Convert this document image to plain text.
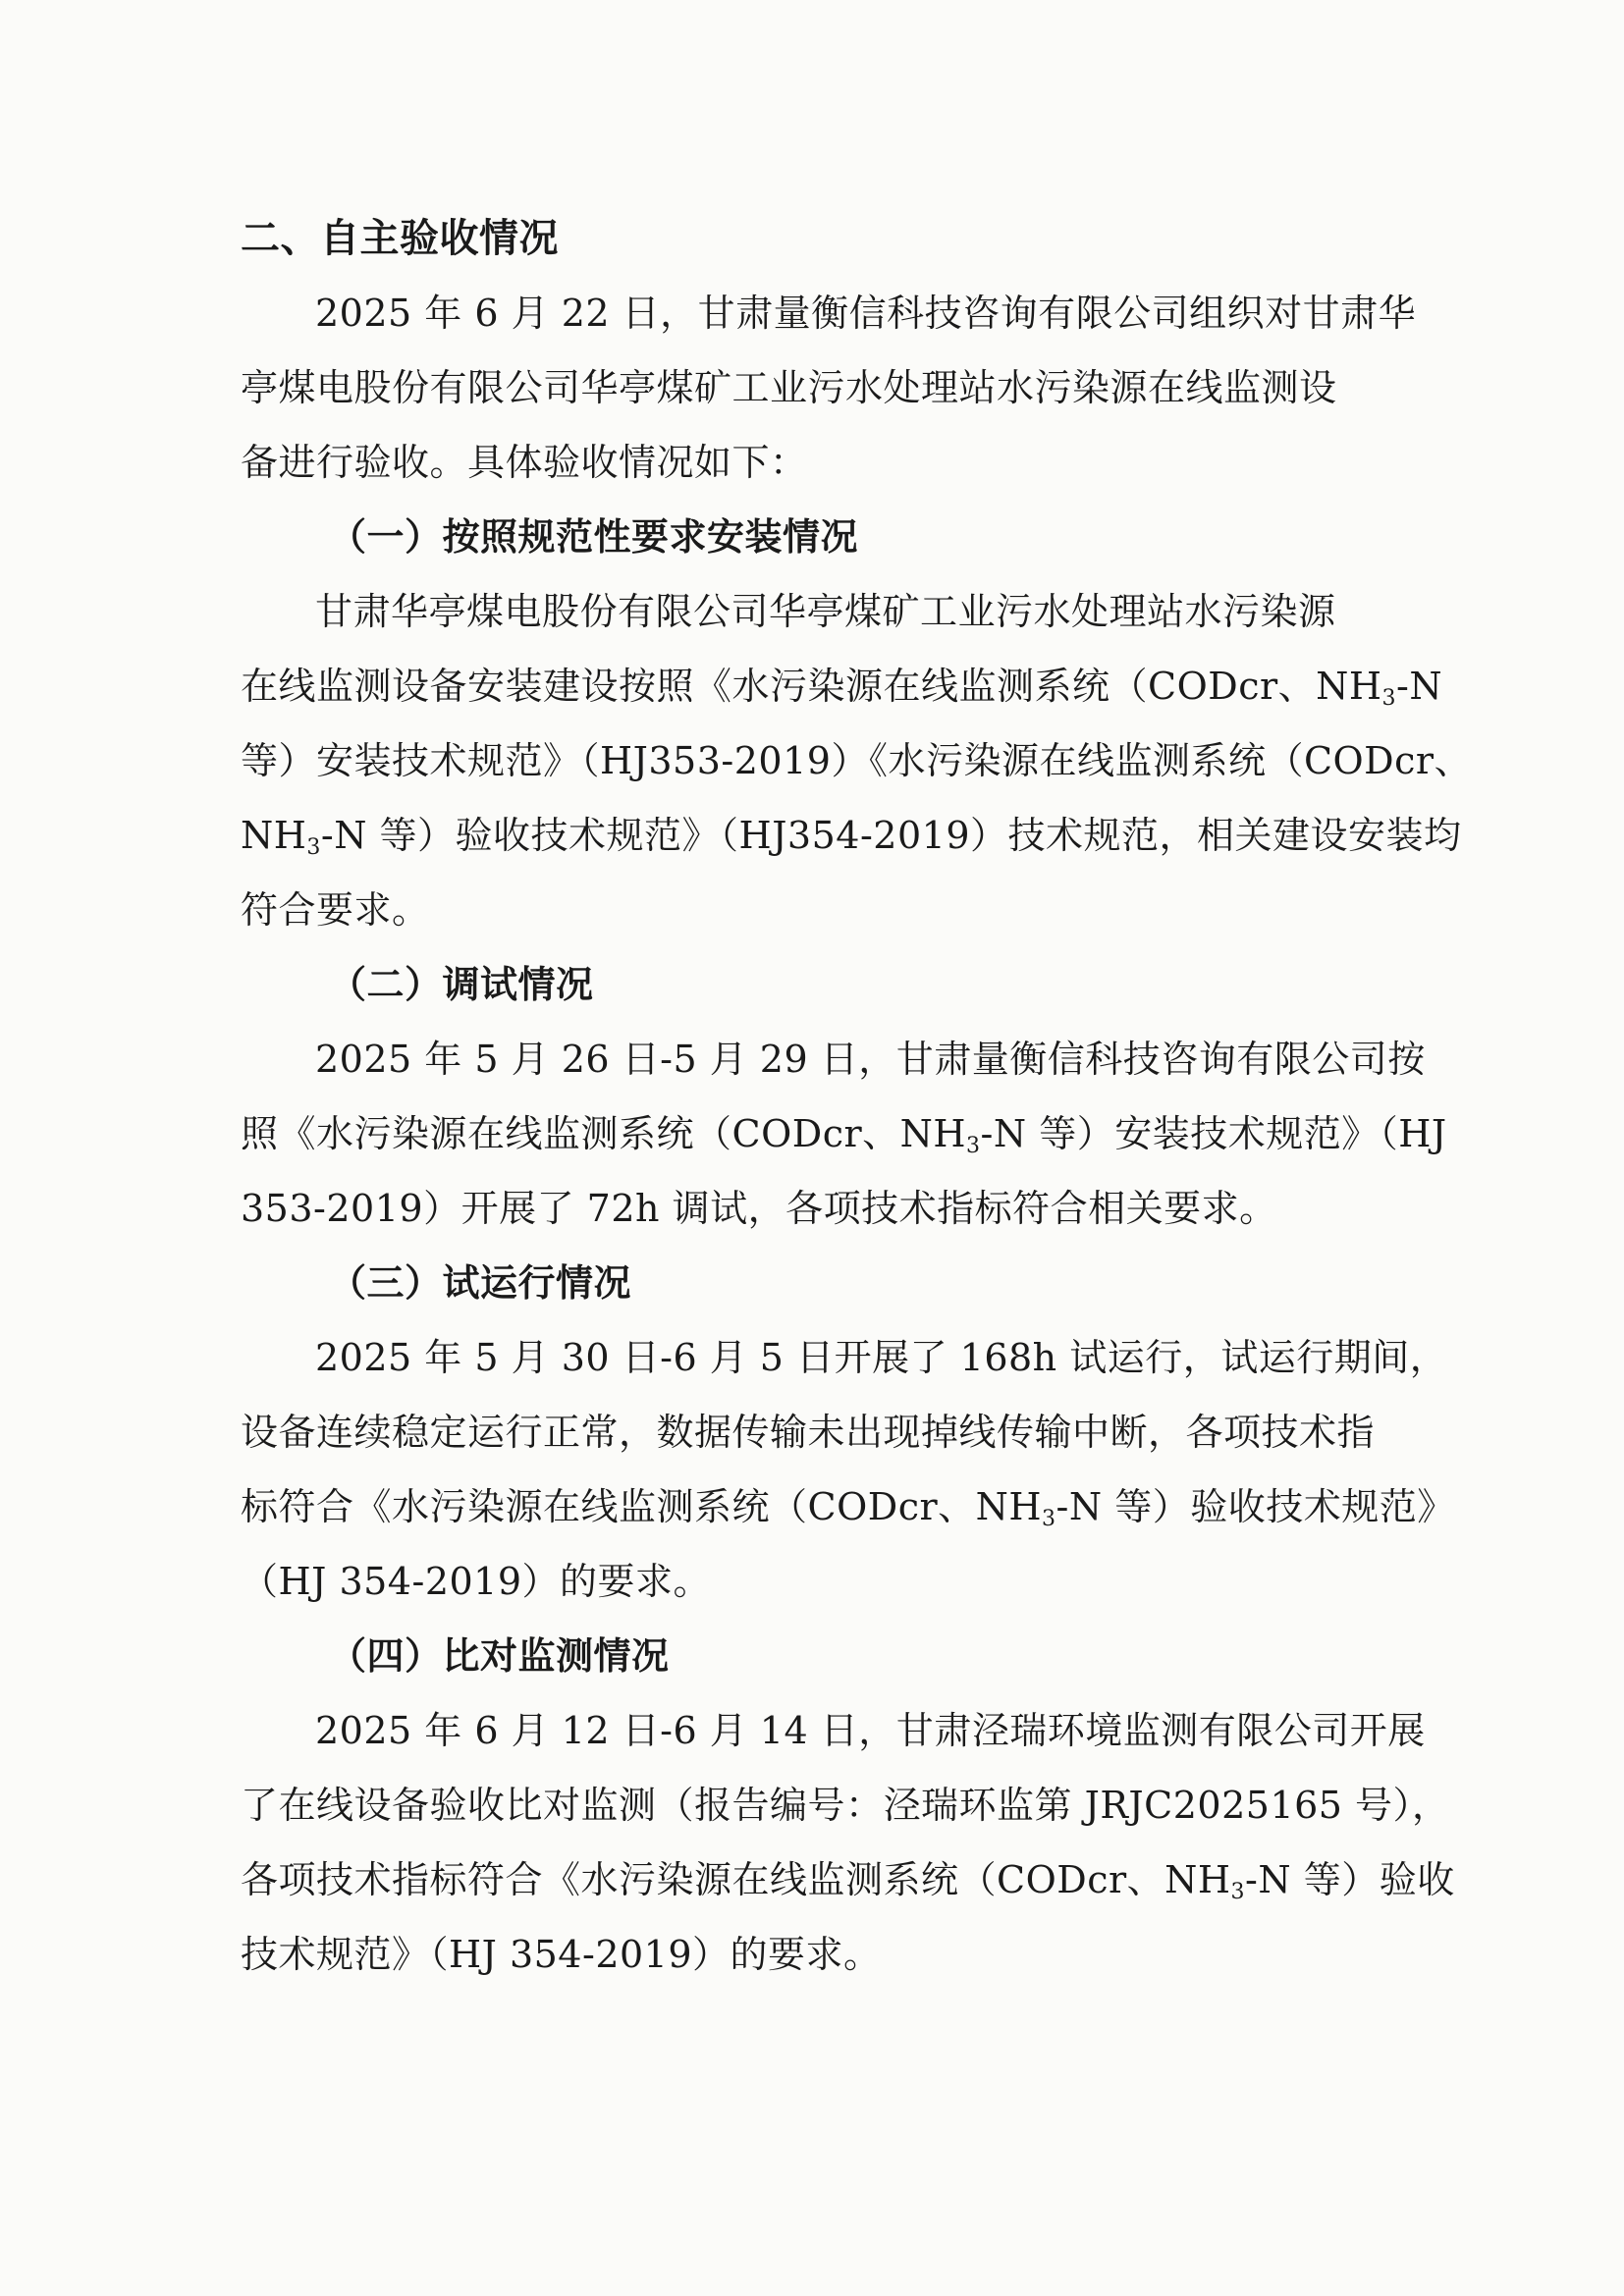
二、自主验收情况
2025 年 6 月 22 日，甘肃量衡信科技咨询有限公司组织对甘肃华
亭煤电股份有限公司华亭煤矿工业污水处理站水污染源在线监测设
备进行验收。具体验收情况如下：
（一）按照规范性要求安装情况
甘肃华亭煤电股份有限公司华亭煤矿工业污水处理站水污染源
在线监测设备安装建设按照《水污染源在线监测系统（CODcr、$NH_3-N$
等）安装技术规范》（HJ353-2019）《水污染源在线监测系统（CODcr、
$NH_3-N$ 等）验收技术规范》（HJ354-2019）技术规范，相关建设安装均
符合要求。
（二）调试情况
2025 年 5 月 26 日-5 月 29 日，甘肃量衡信科技咨询有限公司按
照《水污染源在线监测系统（CODcr、$NH_3-N$ 等）安装技术规范》（HJ
353-2019）开展了 72h 调试，各项技术指标符合相关要求。
（三）试运行情况
2025 年 5 月 30 日-6 月 5 日开展了 168h 试运行，试运行期间，
设备连续稳定运行正常，数据传输未出现掉线传输中断，各项技术指
标符合《水污染源在线监测系统（CODcr、$NH_3-N$ 等）验收技术规范》
（HJ 354-2019）的要求。
（四）比对监测情况
2025 年 6 月 12 日-6 月 14 日，甘肃泾瑞环境监测有限公司开展
了在线设备验收比对监测（报告编号：泾瑞环监第 JRJC2025165 号），
各项技术指标符合《水污染源在线监测系统（CODcr、$NH_3-N$ 等）验收
技术规范》（HJ 354-2019）的要求。
